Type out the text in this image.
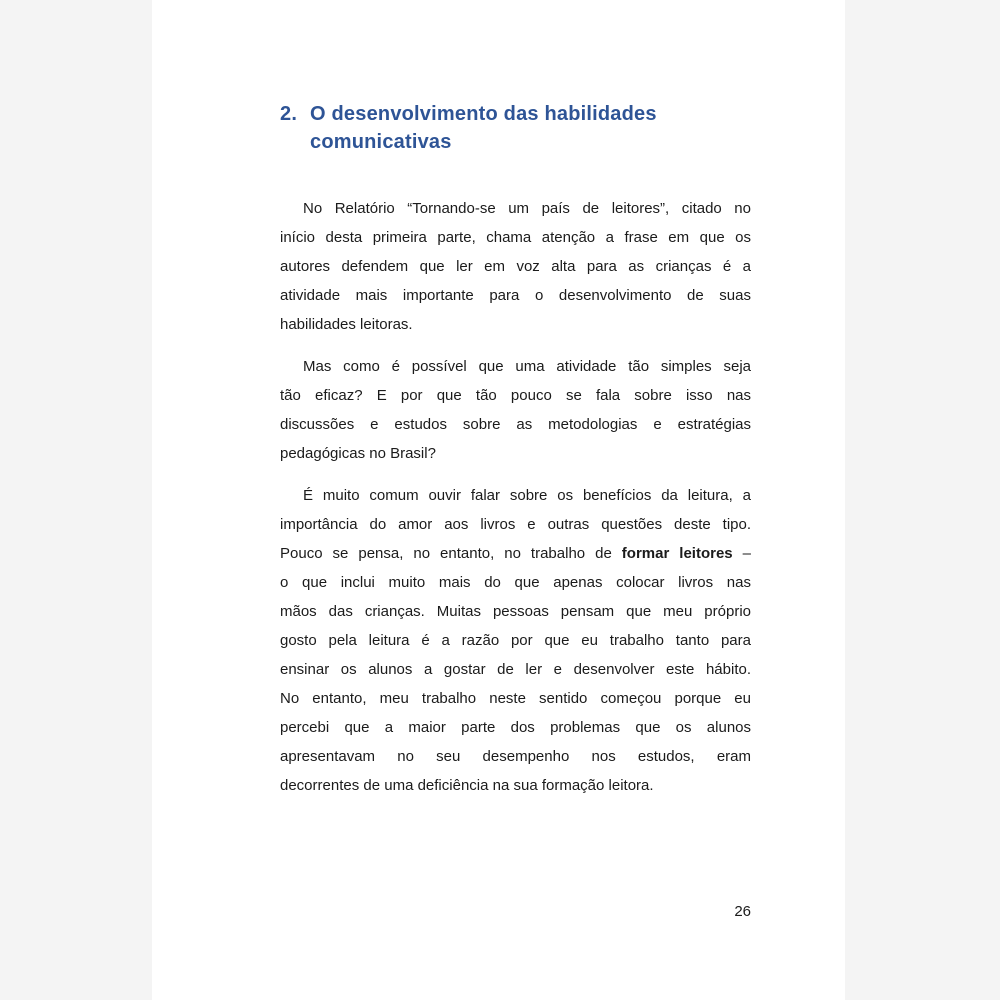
2. O desenvolvimento das habilidades comunicativas
No Relatório “Tornando-se um país de leitores”, citado no
início desta primeira parte, chama atenção a frase em que os
autores defendem que ler em voz alta para as crianças é a
atividade mais importante para o desenvolvimento de suas
habilidades leitoras.
Mas como é possível que uma atividade tão simples seja
tão eficaz? E por que tão pouco se fala sobre isso nas
discussões e estudos sobre as metodologias e estratégias
pedagógicas no Brasil?
É muito comum ouvir falar sobre os benefícios da leitura, a
importância do amor aos livros e outras questões deste tipo.
Pouco se pensa, no entanto, no trabalho de formar leitores –
o que inclui muito mais do que apenas colocar livros nas
mãos das crianças. Muitas pessoas pensam que meu próprio
gosto pela leitura é a razão por que eu trabalho tanto para
ensinar os alunos a gostar de ler e desenvolver este hábito.
No entanto, meu trabalho neste sentido começou porque eu
percebi que a maior parte dos problemas que os alunos
apresentavam no seu desempenho nos estudos, eram
decorrentes de uma deficiência na sua formação leitora.
26
